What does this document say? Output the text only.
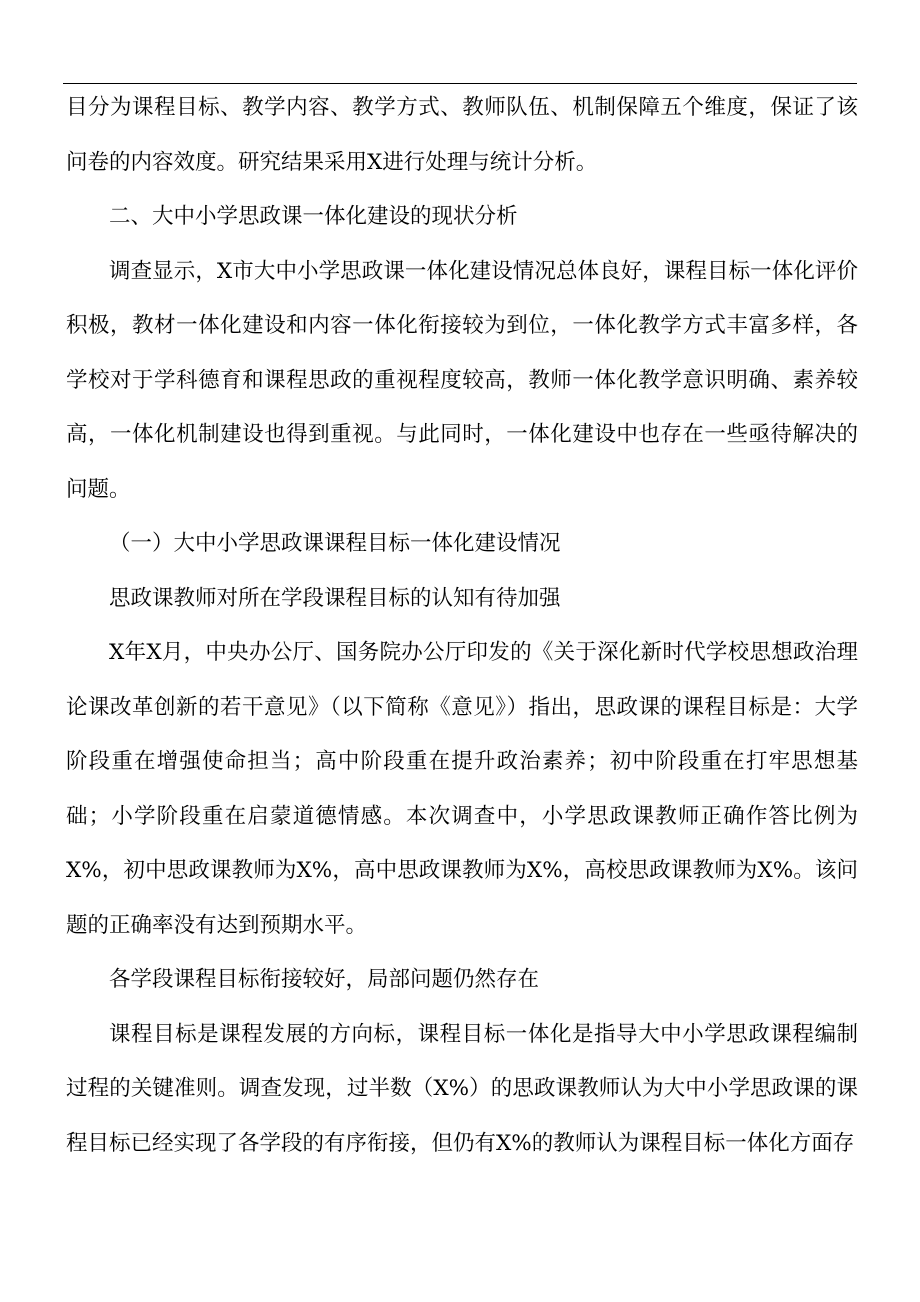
目分为课程目标、教学内容、教学方式、教师队伍、机制保障五个维度，保证了该问卷的内容效度。研究结果采用X进行处理与统计分析。

二、大中小学思政课一体化建设的现状分析

调查显示，X市大中小学思政课一体化建设情况总体良好，课程目标一体化评价积极，教材一体化建设和内容一体化衔接较为到位，一体化教学方式丰富多样，各学校对于学科德育和课程思政的重视程度较高，教师一体化教学意识明确、素养较高，一体化机制建设也得到重视。与此同时，一体化建设中也存在一些亟待解决的问题。

（一）大中小学思政课课程目标一体化建设情况

思政课教师对所在学段课程目标的认知有待加强

X年X月，中央办公厅、国务院办公厅印发的《关于深化新时代学校思想政治理论课改革创新的若干意见》（以下简称《意见》）指出，思政课的课程目标是：大学阶段重在增强使命担当；高中阶段重在提升政治素养；初中阶段重在打牢思想基础；小学阶段重在启蒙道德情感。本次调查中，小学思政课教师正确作答比例为X%，初中思政课教师为X%，高中思政课教师为X%，高校思政课教师为X%。该问题的正确率没有达到预期水平。

各学段课程目标衔接较好，局部问题仍然存在

课程目标是课程发展的方向标，课程目标一体化是指导大中小学思政课程编制过程的关键准则。调查发现，过半数（X%）的思政课教师认为大中小学思政课的课程目标已经实现了各学段的有序衔接，但仍有X%的教师认为课程目标一体化方面存
